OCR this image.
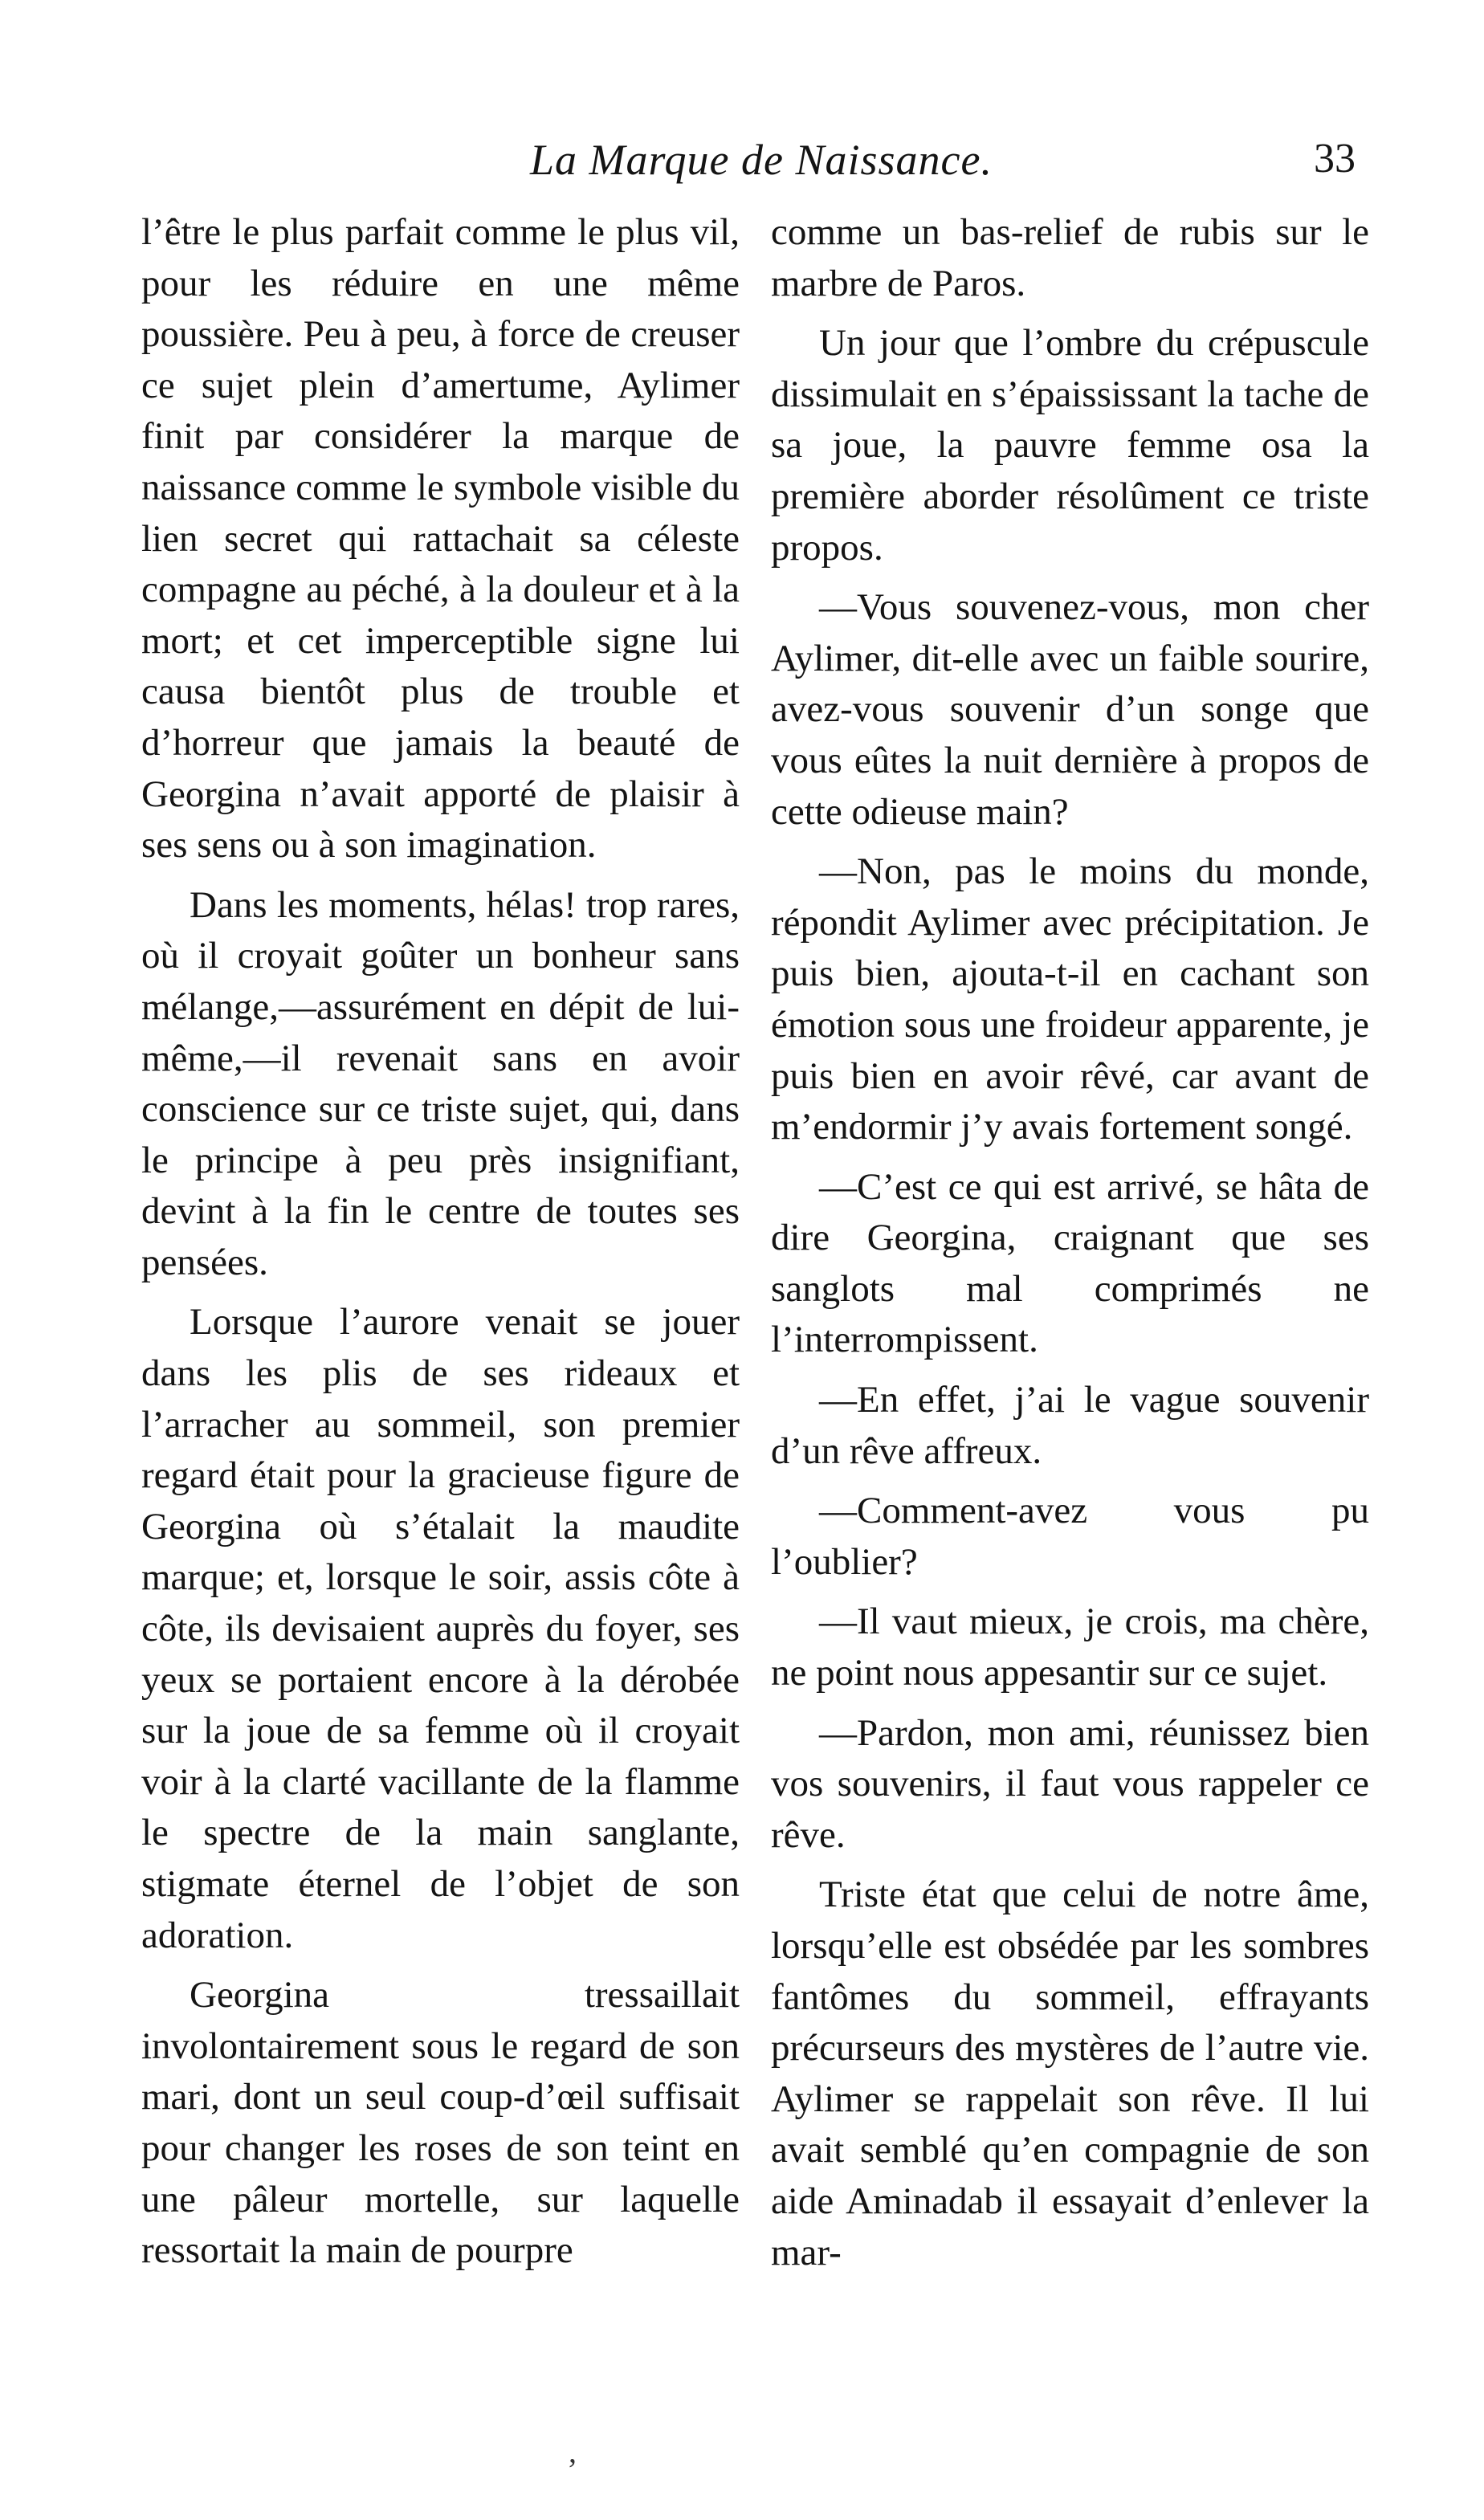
La Marque de Naissance.	33

l’être le plus parfait comme le plus vil, pour les réduire en une même poussière. Peu à peu, à force de creuser ce sujet plein d’amertume, Aylimer finit par considérer la marque de naissance comme le symbole visible du lien secret qui rattachait sa céleste compagne au péché, à la douleur et à la mort; et cet imperceptible signe lui causa bientôt plus de trouble et d’horreur que jamais la beauté de Georgina n’avait apporté de plaisir à ses sens ou à son imagination.

Dans les moments, hélas! trop rares, où il croyait goûter un bonheur sans mélange,—assurément en dépit de lui-même,—il revenait sans en avoir conscience sur ce triste sujet, qui, dans le principe à peu près insignifiant, devint à la fin le centre de toutes ses pensées.

Lorsque l’aurore venait se jouer dans les plis de ses rideaux et l’arracher au sommeil, son premier regard était pour la gracieuse figure de Georgina où s’étalait la maudite marque; et, lorsque le soir, assis côte à côte, ils devisaient auprès du foyer, ses yeux se portaient encore à la dérobée sur la joue de sa femme où il croyait voir à la clarté vacillante de la flamme le spectre de la main sanglante, stigmate éternel de l’objet de son adoration.

Georgina tressaillait involontairement sous le regard de son mari, dont un seul coup-d’œil suffisait pour changer les roses de son teint en une pâleur mortelle, sur laquelle ressortait la main de pourpre

comme un bas-relief de rubis sur le marbre de Paros.

Un jour que l’ombre du crépuscule dissimulait en s’épaississant la tache de sa joue, la pauvre femme osa la première aborder résolûment ce triste propos.

—Vous souvenez-vous, mon cher Aylimer, dit-elle avec un faible sourire, avez-vous souvenir d’un songe que vous eûtes la nuit dernière à propos de cette odieuse main?

—Non, pas le moins du monde, répondit Aylimer avec précipitation. Je puis bien, ajouta-t-il en cachant son émotion sous une froideur apparente, je puis bien en avoir rêvé, car avant de m’endormir j’y avais fortement songé.

—C’est ce qui est arrivé, se hâta de dire Georgina, craignant que ses sanglots mal comprimés ne l’interrompissent.

—En effet, j’ai le vague souvenir d’un rêve affreux.

—Comment-avez vous pu l’oublier?

—Il vaut mieux, je crois, ma chère, ne point nous appesantir sur ce sujet.

—Pardon, mon ami, réunissez bien vos souvenirs, il faut vous rappeler ce rêve.

Triste état que celui de notre âme, lorsqu’elle est obsédée par les sombres fantômes du sommeil, effrayants précurseurs des mystères de l’autre vie. Aylimer se rappelait son rêve. Il lui avait semblé qu’en compagnie de son aide Aminadab il essayait d’enlever la mar-

ʼ
